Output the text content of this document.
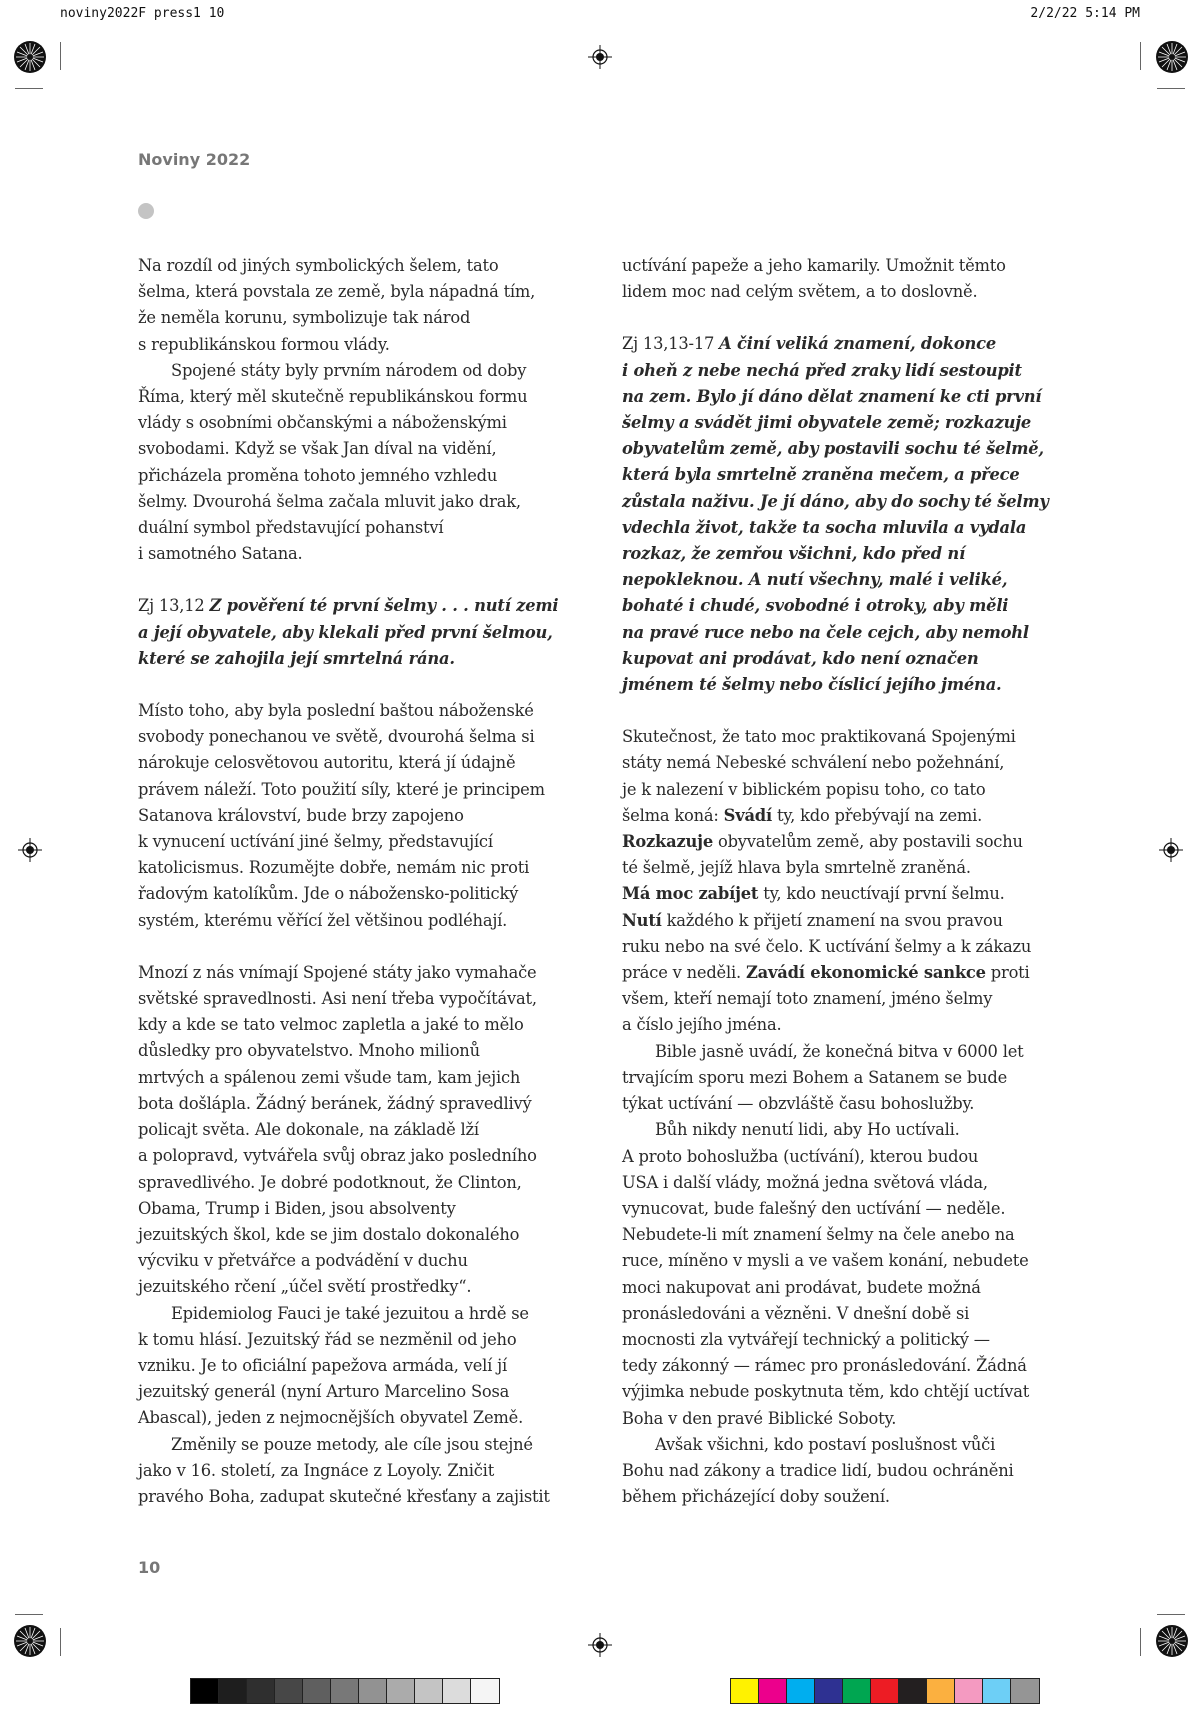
noviny2022F press1 10	2/2/22 5:14 PM
Noviny 2022

Na rozdíl od jiných symbolických šelem, tato
šelma, která povstala ze země, byla nápadná tím,
že neměla korunu, symbolizuje tak národ
s republikánskou formou vlády.

Spojené státy byly prvním národem od doby
Říma, který měl skutečně republikánskou formu
vlády s osobními občanskými a náboženskými
svobodami. Když se však Jan díval na vidění,
přicházela proměna tohoto jemného vzhledu
šelmy. Dvourohá šelma začala mluvit jako drak,
duální symbol představující pohanství
i samotného Satana.

Zj 13,12 Z pověření té první šelmy . . . nutí zemi
a její obyvatele, aby klekali před první šelmou,
které se zahojila její smrtelná rána.

Místo toho, aby byla poslední baštou náboženské
svobody ponechanou ve světě, dvourohá šelma si
nárokuje celosvětovou autoritu, která jí údajně
právem náleží. Toto použití síly, které je principem
Satanova království, bude brzy zapojeno
k vynucení uctívání jiné šelmy, představující
katolicismus. Rozumějte dobře, nemám nic proti
řadovým katolíkům. Jde o nábožensko-politický
systém, kterému věřící žel většinou podléhají.

Mnozí z nás vnímají Spojené státy jako vymahače
světské spravedlnosti. Asi není třeba vypočítávat,
kdy a kde se tato velmoc zapletla a jaké to mělo
důsledky pro obyvatelstvo. Mnoho milionů
mrtvých a spálenou zemi všude tam, kam jejich
bota došlápla. Žádný beránek, žádný spravedlivý
policajt světa. Ale dokonale, na základě lží
a polopravd, vytvářela svůj obraz jako posledního
spravedlivého. Je dobré podotknout, že Clinton,
Obama, Trump i Biden, jsou absolventy
jezuitských škol, kde se jim dostalo dokonalého
výcviku v přetvářce a podvádění v duchu
jezuitského rčení „účel světí prostředky“.

Epidemiolog Fauci je také jezuitou a hrdě se
k tomu hlásí. Jezuitský řád se nezměnil od jeho
vzniku. Je to oficiální papežova armáda, velí jí
jezuitský generál (nyní Arturo Marcelino Sosa
Abascal), jeden z nejmocnějších obyvatel Země.

Změnily se pouze metody, ale cíle jsou stejné
jako v 16. století, za Ingnáce z Loyoly. Zničit
pravého Boha, zadupat skutečné křesťany a zajistit

uctívání papeže a jeho kamarily. Umožnit těmto
lidem moc nad celým světem, a to doslovně.

Zj 13,13-17 A činí veliká znamení, dokonce
i oheň z nebe nechá před zraky lidí sestoupit
na zem. Bylo jí dáno dělat znamení ke cti první
šelmy a svádět jimi obyvatele země; rozkazuje
obyvatelům země, aby postavili sochu té šelmě,
která byla smrtelně zraněna mečem, a přece
zůstala naživu. Je jí dáno, aby do sochy té šelmy
vdechla život, takže ta socha mluvila a vydala
rozkaz, že zemřou všichni, kdo před ní
nepokleknou. A nutí všechny, malé i veliké,
bohaté i chudé, svobodné i otroky, aby měli
na pravé ruce nebo na čele cejch, aby nemohl
kupovat ani prodávat, kdo není označen
jménem té šelmy nebo číslicí jejího jména.

Skutečnost, že tato moc praktikovaná Spojenými
státy nemá Nebeské schválení nebo požehnání,
je k nalezení v biblickém popisu toho, co tato
šelma koná: Svádí ty, kdo přebývají na zemi.
Rozkazuje obyvatelům země, aby postavili sochu
té šelmě, jejíž hlava byla smrtelně zraněná.
Má moc zabíjet ty, kdo neuctívají první šelmu.
Nutí každého k přijetí znamení na svou pravou
ruku nebo na své čelo. K uctívání šelmy a k zákazu
práce v neděli. Zavádí ekonomické sankce proti
všem, kteří nemají toto znamení, jméno šelmy
a číslo jejího jména.

Bible jasně uvádí, že konečná bitva v 6000 let
trvajícím sporu mezi Bohem a Satanem se bude
týkat uctívání — obzvláště času bohoslužby.

Bůh nikdy nenutí lidi, aby Ho uctívali.

A proto bohoslužba (uctívání), kterou budou
USA i další vlády, možná jedna světová vláda,
vynucovat, bude falešný den uctívání — neděle.
Nebudete-li mít znamení šelmy na čele anebo na
ruce, míněno v mysli a ve vašem konání, nebudete
moci nakupovat ani prodávat, budete možná
pronásledováni a vězněni. V dnešní době si
mocnosti zla vytvářejí technický a politický —
tedy zákonný — rámec pro pronásledování. Žádná
výjimka nebude poskytnuta těm, kdo chtějí uctívat
Boha v den pravé Biblické Soboty.

Avšak všichni, kdo postaví poslušnost vůči
Bohu nad zákony a tradice lidí, budou ochráněni
během přicházející doby soužení.

10
